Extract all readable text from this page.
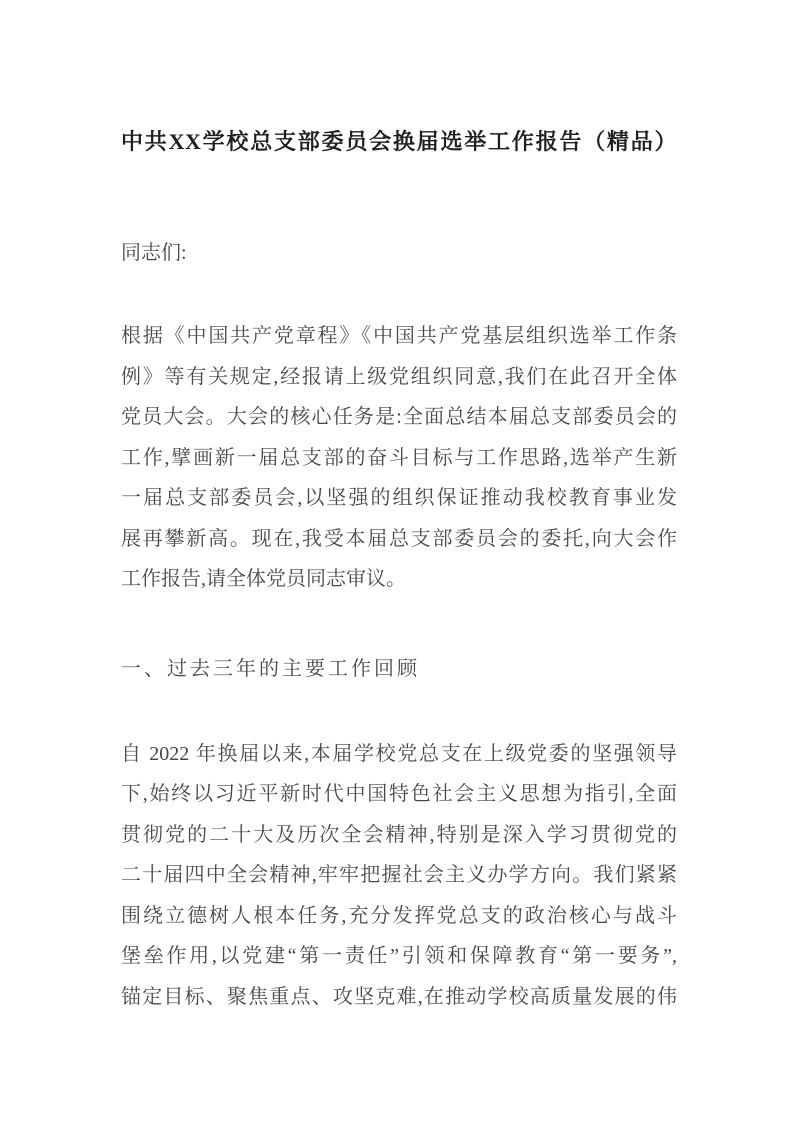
中共XX学校总支部委员会换届选举工作报告（精品）

同志们:

根据《中国共产党章程》《中国共产党基层组织选举工作条
例》等有关规定,经报请上级党组织同意,我们在此召开全体
党员大会。大会的核心任务是:全面总结本届总支部委员会的
工作,擘画新一届总支部的奋斗目标与工作思路,选举产生新
一届总支部委员会,以坚强的组织保证推动我校教育事业发
展再攀新高。现在,我受本届总支部委员会的委托,向大会作
工作报告,请全体党员同志审议。
一、过去三年的主要工作回顾
自 2022 年换届以来,本届学校党总支在上级党委的坚强领导
下,始终以习近平新时代中国特色社会主义思想为指引,全面
贯彻党的二十大及历次全会精神,特别是深入学习贯彻党的
二十届四中全会精神,牢牢把握社会主义办学方向。我们紧紧
围绕立德树人根本任务,充分发挥党总支的政治核心与战斗
堡垒作用,以党建“第一责任”引领和保障教育“第一要务”,
锚定目标、聚焦重点、攻坚克难,在推动学校高质量发展的伟
